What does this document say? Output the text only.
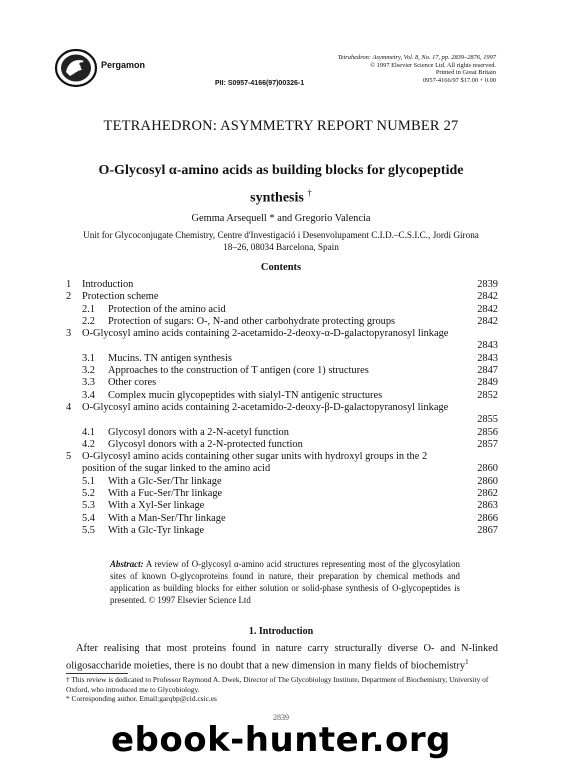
Pergamon
Tetrahedron: Asymmetry, Vol. 8, No. 17, pp. 2839–2876, 1997
© 1997 Elsevier Science Ltd. All rights reserved.
Printed in Great Britain
0957-4166/97 $17.00 + 0.00
PII: S0957-4166(97)00326-1
TETRAHEDRON: ASYMMETRY REPORT NUMBER 27
O-Glycosyl α-amino acids as building blocks for glycopeptide
synthesis †
Gemma Arsequell * and Gregorio Valencia
Unit for Glycoconjugate Chemistry, Centre d'Investigació i Desenvolupament C.I.D.–C.S.I.C., Jordi Girona
18–26, 08034 Barcelona, Spain
Contents
1 Introduction	2839
2 Protection scheme	2842
2.1 Protection of the amino acid	2842
2.2 Protection of sugars: O-, N-and other carbohydrate protecting groups	2842
3 O-Glycosyl amino acids containing 2-acetamido-2-deoxy-α-D-galactopyranosyl linkage
2843
3.1 Mucins. TN antigen synthesis	2843
3.2 Approaches to the construction of T antigen (core 1) structures	2847
3.3 Other cores	2849
3.4 Complex mucin glycopeptides with sialyl-TN antigenic structures	2852
4 O-Glycosyl amino acids containing 2-acetamido-2-deoxy-β-D-galactopyranosyl linkage
2855
4.1 Glycosyl donors with a 2-N-acetyl function	2856
4.2 Glycosyl donors with a 2-N-protected function	2857
5 O-Glycosyl amino acids containing other sugar units with hydroxyl groups in the 2 position of the sugar linked to the amino acid	2860
5.1 With a Glc-Ser/Thr linkage	2860
5.2 With a Fuc-Ser/Thr linkage	2862
5.3 With a Xyl-Ser linkage	2863
5.4 With a Man-Ser/Thr linkage	2866
5.5 With a Glc-Tyr linkage	2867
Abstract: A review of O-glycosyl α-amino acid structures representing most of the glycosylation sites of known O-glycoproteins found in nature, their preparation by chemical methods and application as building blocks for either solution or solid-phase synthesis of O-glycopeptides is presented. © 1997 Elsevier Science Ltd
1. Introduction
After realising that most proteins found in nature carry structurally diverse O- and N-linked oligosaccharide moieties, there is no doubt that a new dimension in many fields of biochemistry$^1$
† This review is dedicated to Professor Raymond A. Dwek, Director of The Glycobiology Institute, Department of Biochemistry, University of Oxford, who introduced me to Glycobiology.
* Corresponding author. Email:garqbp@cid.csic.es
2839
ebook-hunter.org
